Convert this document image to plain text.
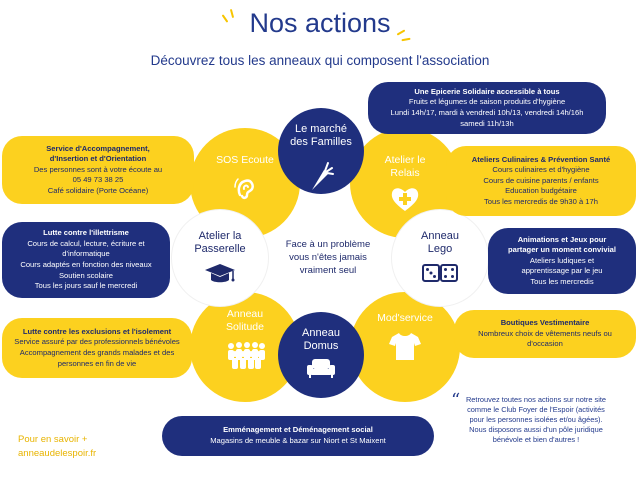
Nos actions
Découvrez tous les anneaux qui composent l'association
SOS Ecoute	Atelier le
Relais
Anneau
Solitude
Mod'service
Le marché
des Familles
Atelier la
Passerelle
Anneau
Lego
Anneau
Domus
Face à un problème
vous n'êtes jamais
vraiment seul
Une Epicerie Solidaire accessible à tous
Fruits et légumes de saison produits d'hygiène
Lundi 14h/17, mardi à vendredi 10h/13, vendredi 14h/16h
samedi 11h/13h
Service d'Accompagnement,
d'Insertion et d'Orientation
Des personnes sont à votre écoute au
05 49 73 38 25
Café solidaire (Porte Océane)
Ateliers Culinaires & Prévention Santé
Cours culinaires et d'hygiène
Cours de cuisine parents / enfants
Education budgétaire
Tous les mercredis de 9h30 à 17h
Lutte contre l'illettrisme
Cours de calcul, lecture, écriture et
d'informatique
Cours adaptés en fonction des niveaux
Soutien scolaire
Tous les jours sauf le mercredi
Animations et Jeux pour
partager un moment convivial
Ateliers ludiques et
apprentissage par le jeu
Tous les mercredis
Boutiques Vestimentaire
Nombreux choix de vêtements neufs ou
d'occasion
Lutte contre les exclusions et l'isolement
Service assuré par des professionnels bénévoles
Accompagnement des grands malades et des
personnes en fin de vie
Emménagement et Déménagement social
Magasins de meuble & bazar sur Niort et St Maixent
Pour en savoir +
anneaudelespoir.fr
“ Retrouvez toutes nos actions sur notre site
comme le Club Foyer de l'Espoir (activités
pour les personnes isolées et/ou âgées).
Nous disposons aussi d'un pôle juridique
bénévole et bien d'autres !
